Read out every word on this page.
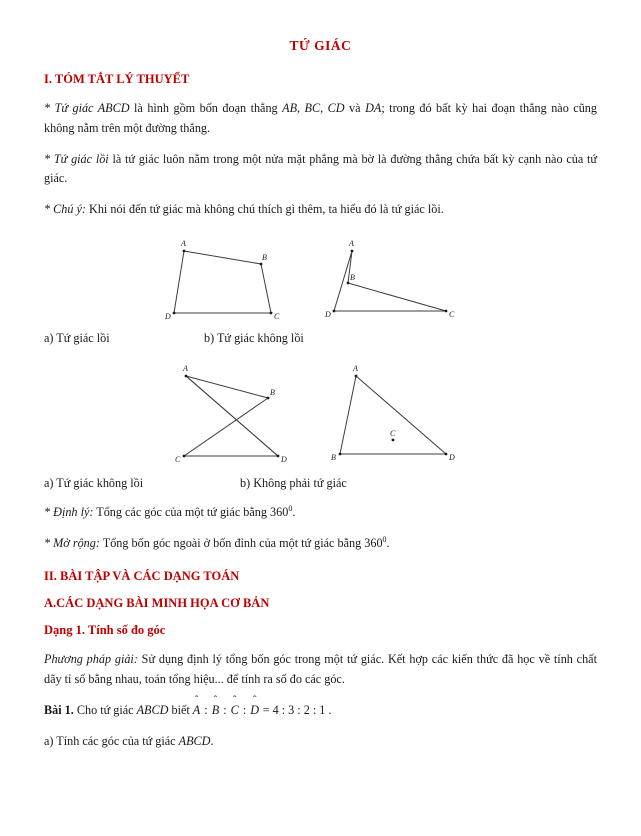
TỨ GIÁC
I. TÓM TẮT LÝ THUYẾT

* Tứ giác ABCD là hình gồm bốn đoạn thẳng AB, BC, CD và DA; trong đó bất kỳ hai đoạn thẳng nào cũng không nằm trên một đường thẳng.

* Tứ giác lồi là tứ giác luôn nằm trong một nửa mặt phẳng mà bờ là đường thẳng chứa bất kỳ cạnh nào của tứ giác.

* Chú ý: Khi nói đến tứ giác mà không chú thích gì thêm, ta hiểu đó là tứ giác lồi.

A
B
C
D
A
B
C
D
a) Tứ giác lồi	b) Tứ giác không lồi
A
B
C	D
A
C
D
B
a) Tứ giác không lồi	b) Không phải tứ giác

* Định lý: Tổng các góc của một tứ giác bằng $360^0$.

* Mở rộng: Tổng bốn góc ngoài ở bốn đỉnh của một tứ giác bằng $360^0$.

II. BÀI TẬP VÀ CÁC DẠNG TOÁN
A.CÁC DẠNG BÀI MINH HỌA CƠ BẢN
Dạng 1. Tính số đo góc

Phương pháp giải: Sử dụng định lý tổng bốn góc trong một tứ giác. Kết hợp các kiến thức đã học về tính chất dãy tỉ số bằng nhau, toán tổng hiệu... để tính ra số đo các góc.

Bài 1. Cho tứ giác ABCD biết A ˆ : B ˆ : C ˆ : D ˆ = 4 : 3 : 2 : 1 .

a) Tính các góc của tứ giác ABCD.
